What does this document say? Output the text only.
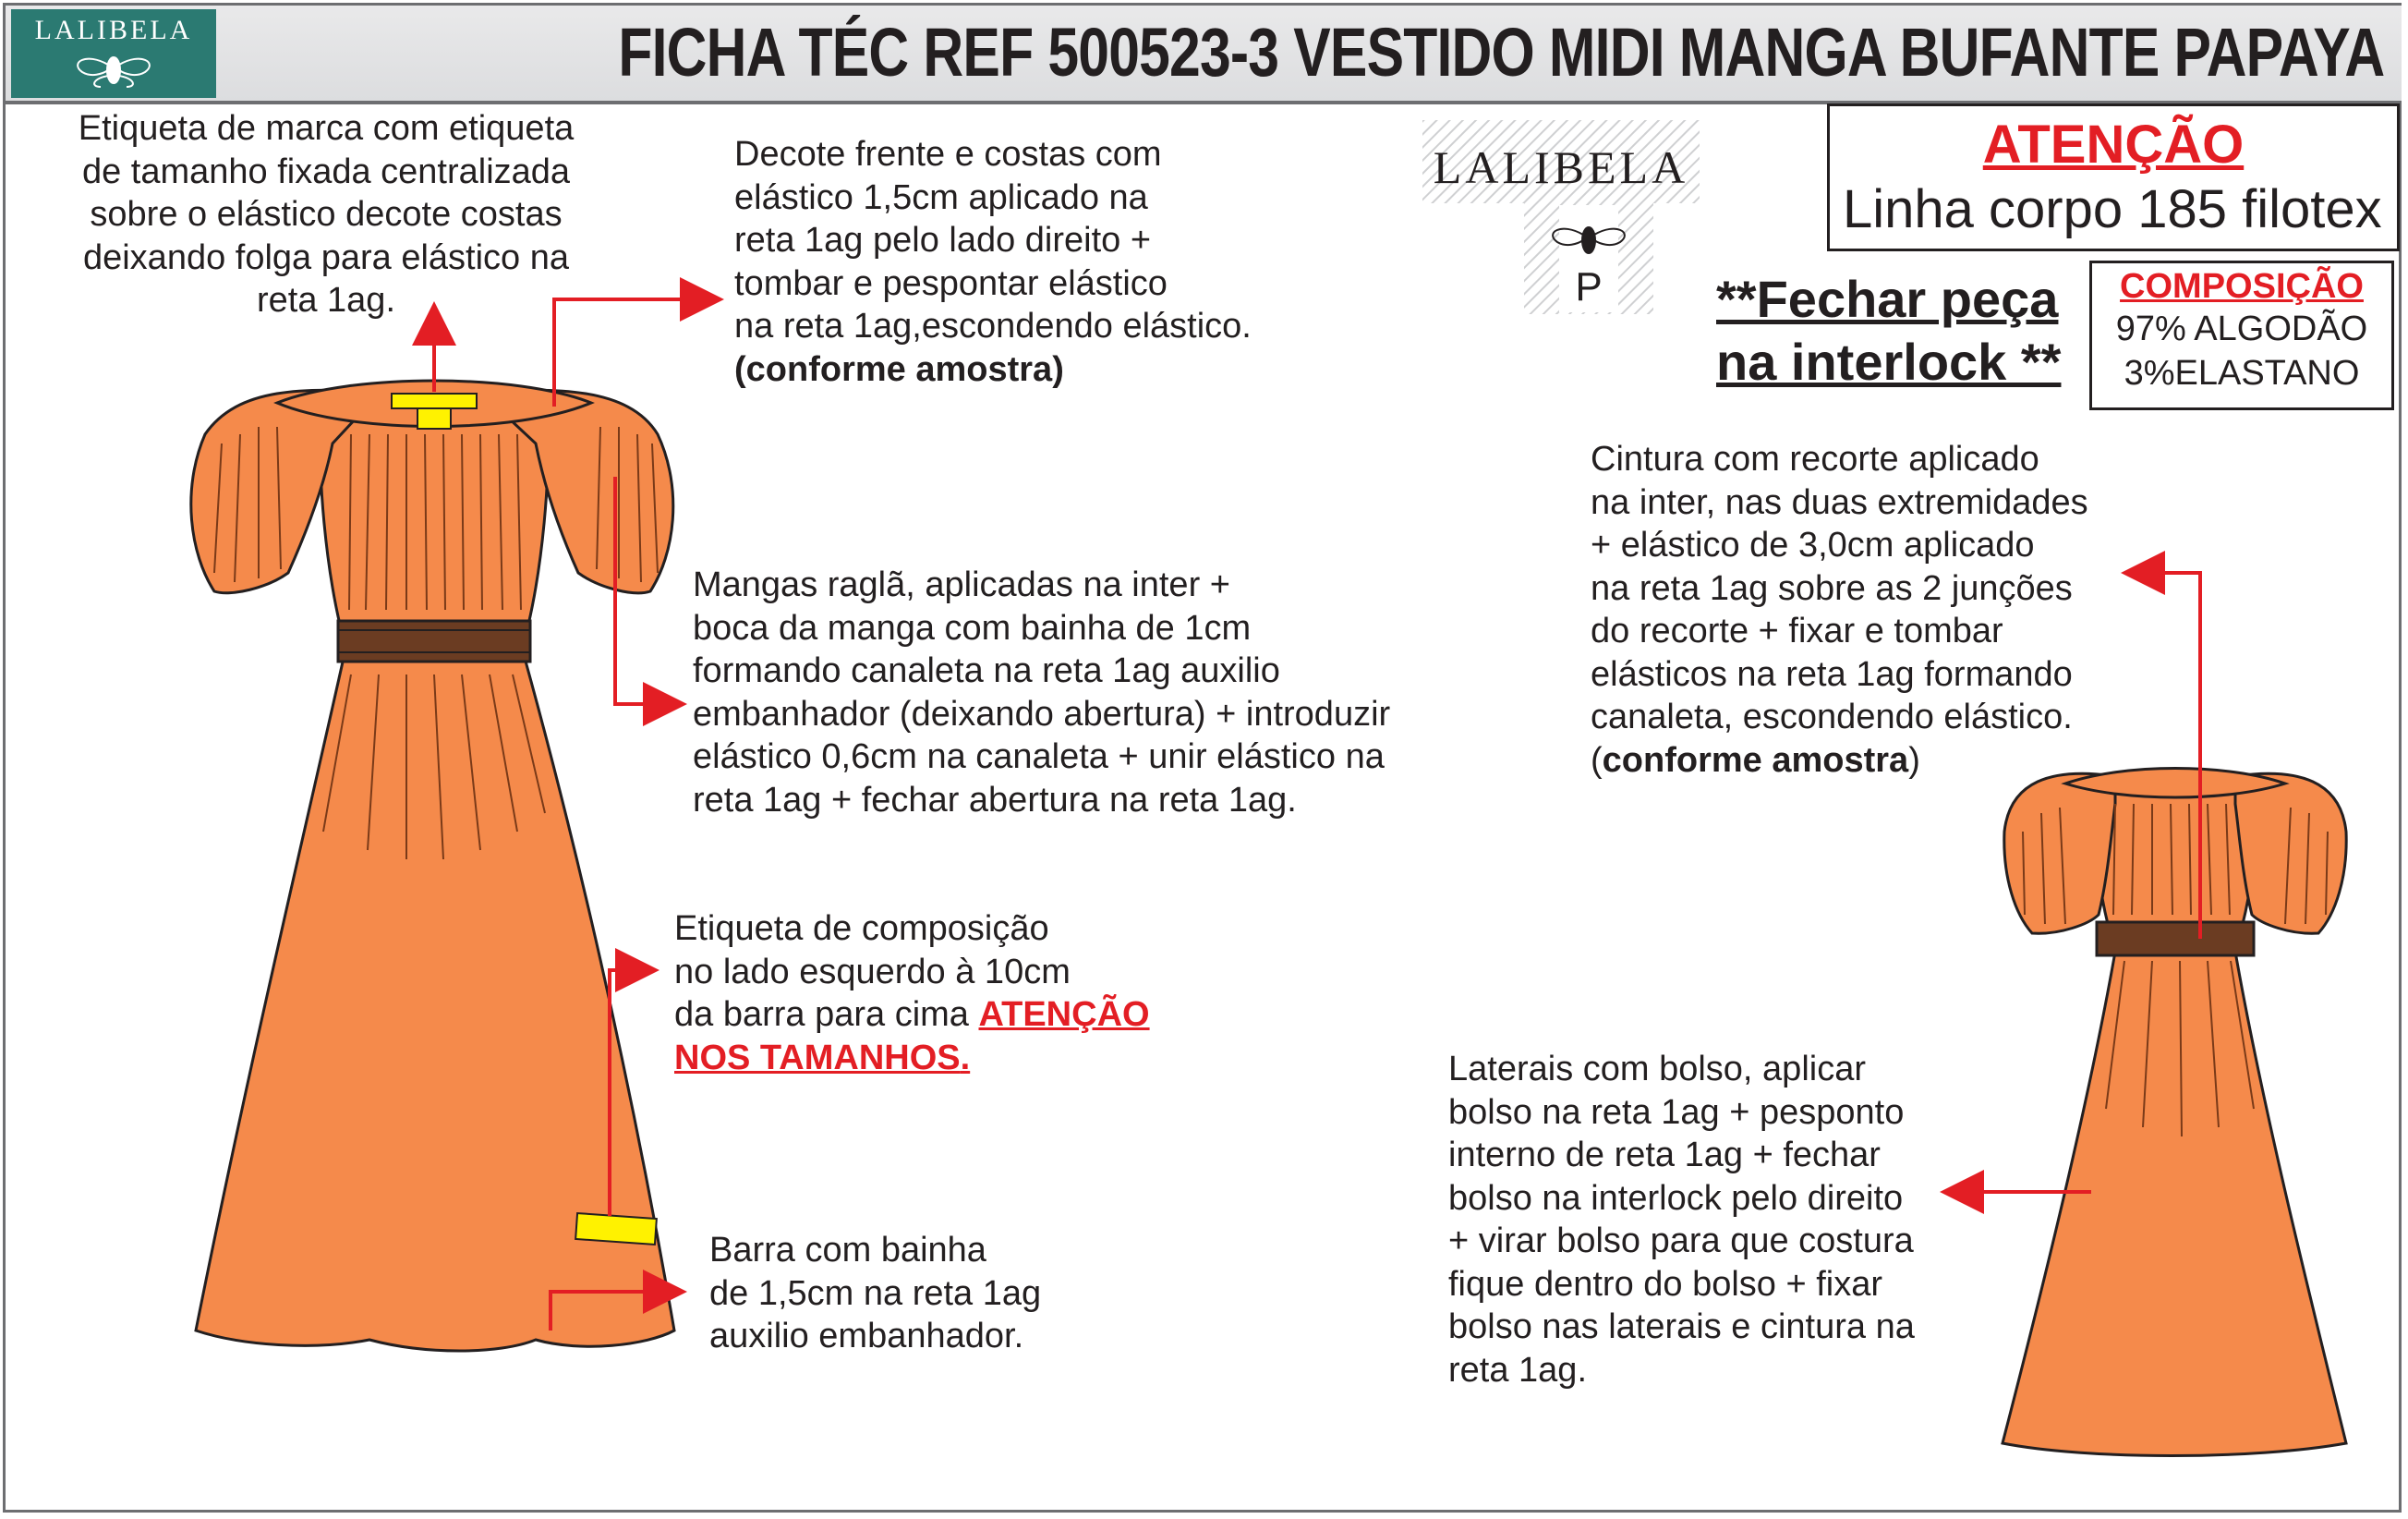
LALIBELA	FICHA TÉC REF 500523-3 VESTIDO MIDI MANGA BUFANTE PAPAYA
LALIBELA
P
ATENÇÃO
Linha corpo 185 filotex
**Fechar peça
na interlock **
COMPOSIÇÃO
97% ALGODÃO
3%ELASTANO
Etiqueta de marca com etiqueta
de tamanho fixada centralizada
sobre o elástico decote costas
deixando folga para elástico na
reta 1ag.
Decote frente e costas com
elástico 1,5cm aplicado na
reta 1ag pelo lado direito +
tombar e pespontar elástico
na reta 1ag,escondendo elástico.
(conforme amostra)
Mangas raglã, aplicadas na inter +
boca da manga com bainha de 1cm
formando canaleta na reta 1ag auxilio
embanhador (deixando abertura) + introduzir
elástico 0,6cm na canaleta + unir elástico na
reta 1ag + fechar abertura na reta 1ag.
Etiqueta de composição
no lado esquerdo à 10cm
da barra para cima ATENÇÃO
NOS TAMANHOS.
Barra com bainha
de 1,5cm na reta 1ag
auxilio embanhador.
Cintura com recorte aplicado
na inter, nas duas extremidades
+ elástico de 3,0cm aplicado
na reta 1ag sobre as 2 junções
do recorte + fixar e tombar
elásticos na reta 1ag formando
canaleta, escondendo elástico.
(conforme amostra)
Laterais com bolso, aplicar
bolso na reta 1ag + pesponto
interno de reta 1ag + fechar
bolso na interlock pelo direito
+ virar bolso para que costura
fique dentro do bolso + fixar
bolso nas laterais e cintura na
reta 1ag.
